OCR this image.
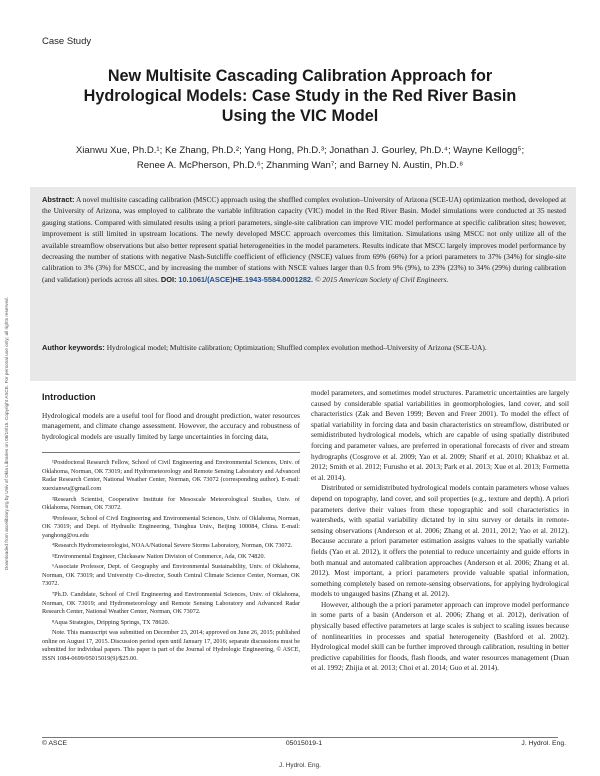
Downloaded from ascelibrary.org by Univ of Okla Libraries on 08/19/15. Copyright ASCE. For personal use only; all rights reserved.
Case Study
New Multisite Cascading Calibration Approach for Hydrological Models: Case Study in the Red River Basin Using the VIC Model
Xianwu Xue, Ph.D.¹; Ke Zhang, Ph.D.²; Yang Hong, Ph.D.³; Jonathan J. Gourley, Ph.D.⁴; Wayne Kellogg⁵;
Renee A. McPherson, Ph.D.⁶; Zhanming Wan⁷; and Barney N. Austin, Ph.D.⁸
Abstract: A novel multisite cascading calibration (MSCC) approach using the shuffled complex evolution–University of Arizona (SCE-UA) optimization method, developed at the University of Arizona, was employed to calibrate the variable infiltration capacity (VIC) model in the Red River Basin. Model simulations were conducted at 35 nested gauging stations. Compared with simulated results using a priori parameters, single-site calibration can improve VIC model performance at specific calibration sites; however, improvement is still limited in upstream locations. The newly developed MSCC approach overcomes this limitation. Simulations using MSCC not only utilize all of the available streamflow observations but also better represent spatial heterogeneities in the model parameters. Results indicate that MSCC largely improves model performance by decreasing the number of stations with negative Nash-Sutcliffe coefficient of efficiency (NSCE) values from 69% (66%) for a priori parameters to 37% (34%) for single-site calibration to 3% (3%) for MSCC, and by increasing the number of stations with NSCE values larger than 0.5 from 9% (9%), to 23% (23%) to 34% (29%) during calibration (and validation) periods across all sites. DOI: 10.1061/(ASCE)HE.1943-5584.0001282. © 2015 American Society of Civil Engineers.
Author keywords: Hydrological model; Multisite calibration; Optimization; Shuffled complex evolution method–University of Arizona (SCE-UA).
Introduction

Hydrological models are a useful tool for flood and drought prediction, water resources management, and climate change assessment. However, the accuracy and robustness of hydrological models are usually limited by large uncertainties in forcing data,

¹Postdoctoral Research Fellow, School of Civil Engineering and Environmental Sciences, Univ. of Oklahoma, Norman, OK 73019; and Hydrometeorology and Remote Sensing Laboratory and Advanced Radar Research Center, National Weather Center, Norman, OK 73072 (corresponding author). E-mail: xuexianwu@gmail.com

²Research Scientist, Cooperative Institute for Mesoscale Meteorological Studies, Univ. of Oklahoma, Norman, OK 73072.

³Professor, School of Civil Engineering and Environmental Sciences, Univ. of Oklahoma, Norman, OK 73019; and Dept. of Hydraulic Engineering, Tsinghua Univ., Beijing 100084, China. E-mail: yanghong@ou.edu

⁴Research Hydrometeorologist, NOAA/National Severe Storms Laboratory, Norman, OK 73072.

⁵Environmental Engineer, Chickasaw Nation Division of Commerce, Ada, OK 74820.

⁶Associate Professor, Dept. of Geography and Environmental Sustainability, Univ. of Oklahoma, Norman, OK 73019; and University Co-director, South Central Climate Science Center, Norman, OK 73072.

⁷Ph.D. Candidate, School of Civil Engineering and Environmental Sciences, Univ. of Oklahoma, Norman, OK 73019; and Hydrometeorology and Remote Sensing Laboratory and Advanced Radar Research Center, National Weather Center, Norman, OK 73072.

⁸Aqua Strategies, Dripping Springs, TX 78620.

Note. This manuscript was submitted on December 23, 2014; approved on June 26, 2015; published online on August 17, 2015. Discussion period open until January 17, 2016; separate discussions must be submitted for individual papers. This paper is part of the Journal of Hydrologic Engineering, © ASCE, ISSN 1084-0699/05015019(9)/$25.00.

model parameters, and sometimes model structures. Parametric uncertainties are largely caused by considerable spatial variabilities in geomorphologies, land cover, and soil characteristics (Zak and Beven 1999; Beven and Freer 2001). To model the effect of spatial variability in forcing data and basin characteristics on streamflow, distributed or semidistributed hydrological models, which are capable of using spatially distributed forcing and parameter values, are preferred in operational forecasts of river and stream hydrographs (Cosgrove et al. 2009; Yao et al. 2009; Sharif et al. 2010; Khakbaz et al. 2012; Smith et al. 2012; Furusho et al. 2013; Park et al. 2013; Xue et al. 2013; Formetta et al. 2014).

Distributed or semidistributed hydrological models contain parameters whose values depend on topography, land cover, and soil properties (e.g., texture and depth). A priori parameters derive their values from these topographic and soil characteristics in watersheds, with spatial variability dictated by in situ survey or details in remote-sensing observations (Anderson et al. 2006; Zhang et al. 2011, 2012; Yao et al. 2012). Because accurate a priori parameter estimation assigns values to the spatially variable fields (Yao et al. 2012), it offers the potential to reduce uncertainty and guide efforts in both manual and automated calibration approaches (Anderson et al. 2006; Zhang et al. 2012). Most important, a priori parameters provide valuable spatial information, something completely based on remote-sensing observations, for applying hydrological models to ungauged basins (Zhang et al. 2012).

However, although the a priori parameter approach can improve model performance in some parts of a basin (Anderson et al. 2006; Zhang et al. 2012), derivation of physically based effective parameters at large scales is subject to scaling issues because of nonlinearities in processes and spatial heterogeneity (Bashford et al. 2002). Hydrological model skill can be further improved through calibration, resulting in better predictive capabilities for floods, flash floods, and water resources management (Duan et al. 1992; Zhijia et al. 2013; Choi et al. 2014; Guo et al. 2014).

© ASCE	05015019-1	J. Hydrol. Eng.
J. Hydrol. Eng.
